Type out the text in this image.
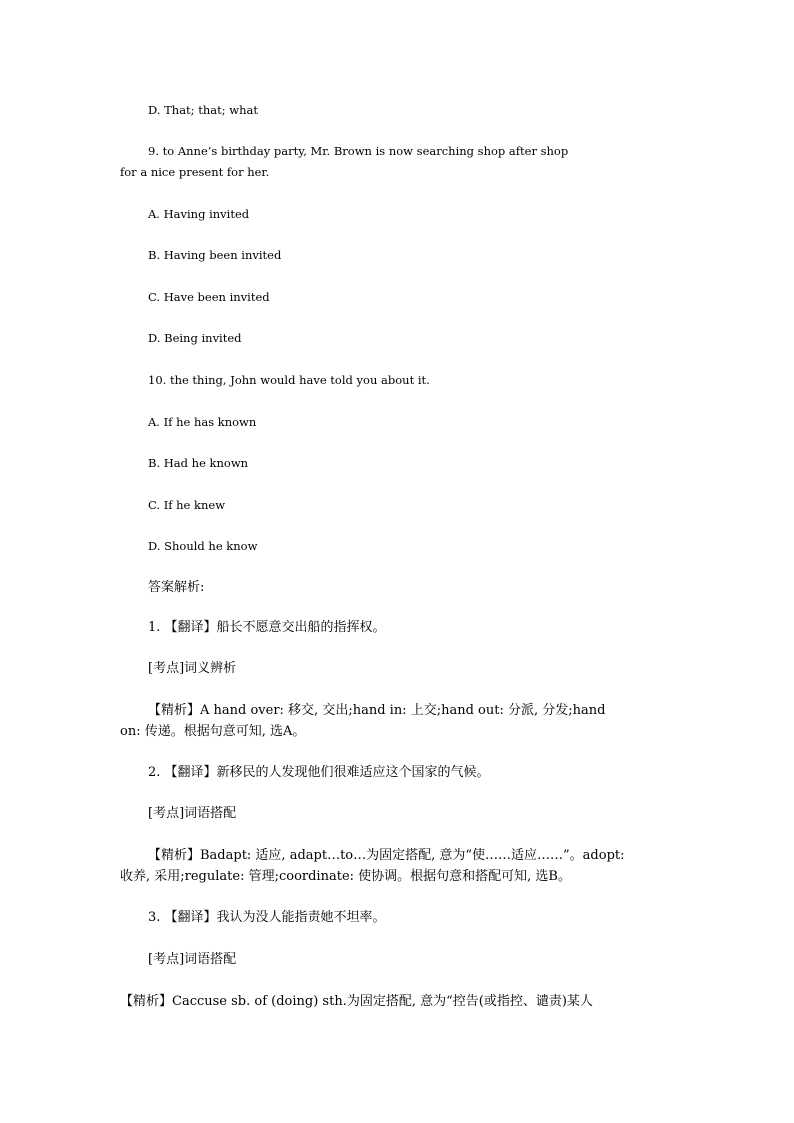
D. That; that; what
9. to Anne’s birthday party, Mr. Brown is now searching shop after shop
for a nice present for her.
A. Having invited
B. Having been invited
C. Have been invited
D. Being invited
10. the thing, John would have told you about it.
A. If he has known
B. Had he known
C. If he knew
D. Should he know
答案解析:
1. 【翻译】船长不愿意交出船的指挥权。
[考点]词义辨析
【精析】A hand over: 移交, 交出;hand in: 上交;hand out: 分派, 分发;hand
on: 传递。根据句意可知, 选A。
2. 【翻译】新移民的人发现他们很难适应这个国家的气候。
[考点]词语搭配
【精析】Badapt: 适应, adapt…to…为固定搭配, 意为“使……适应……”。adopt:
收养, 采用;regulate: 管理;coordinate: 使协调。根据句意和搭配可知, 选B。
3. 【翻译】我认为没人能指责她不坦率。
[考点]词语搭配
【精析】Caccuse sb. of (doing) sth.为固定搭配, 意为“控告(或指控、谴责)某人
